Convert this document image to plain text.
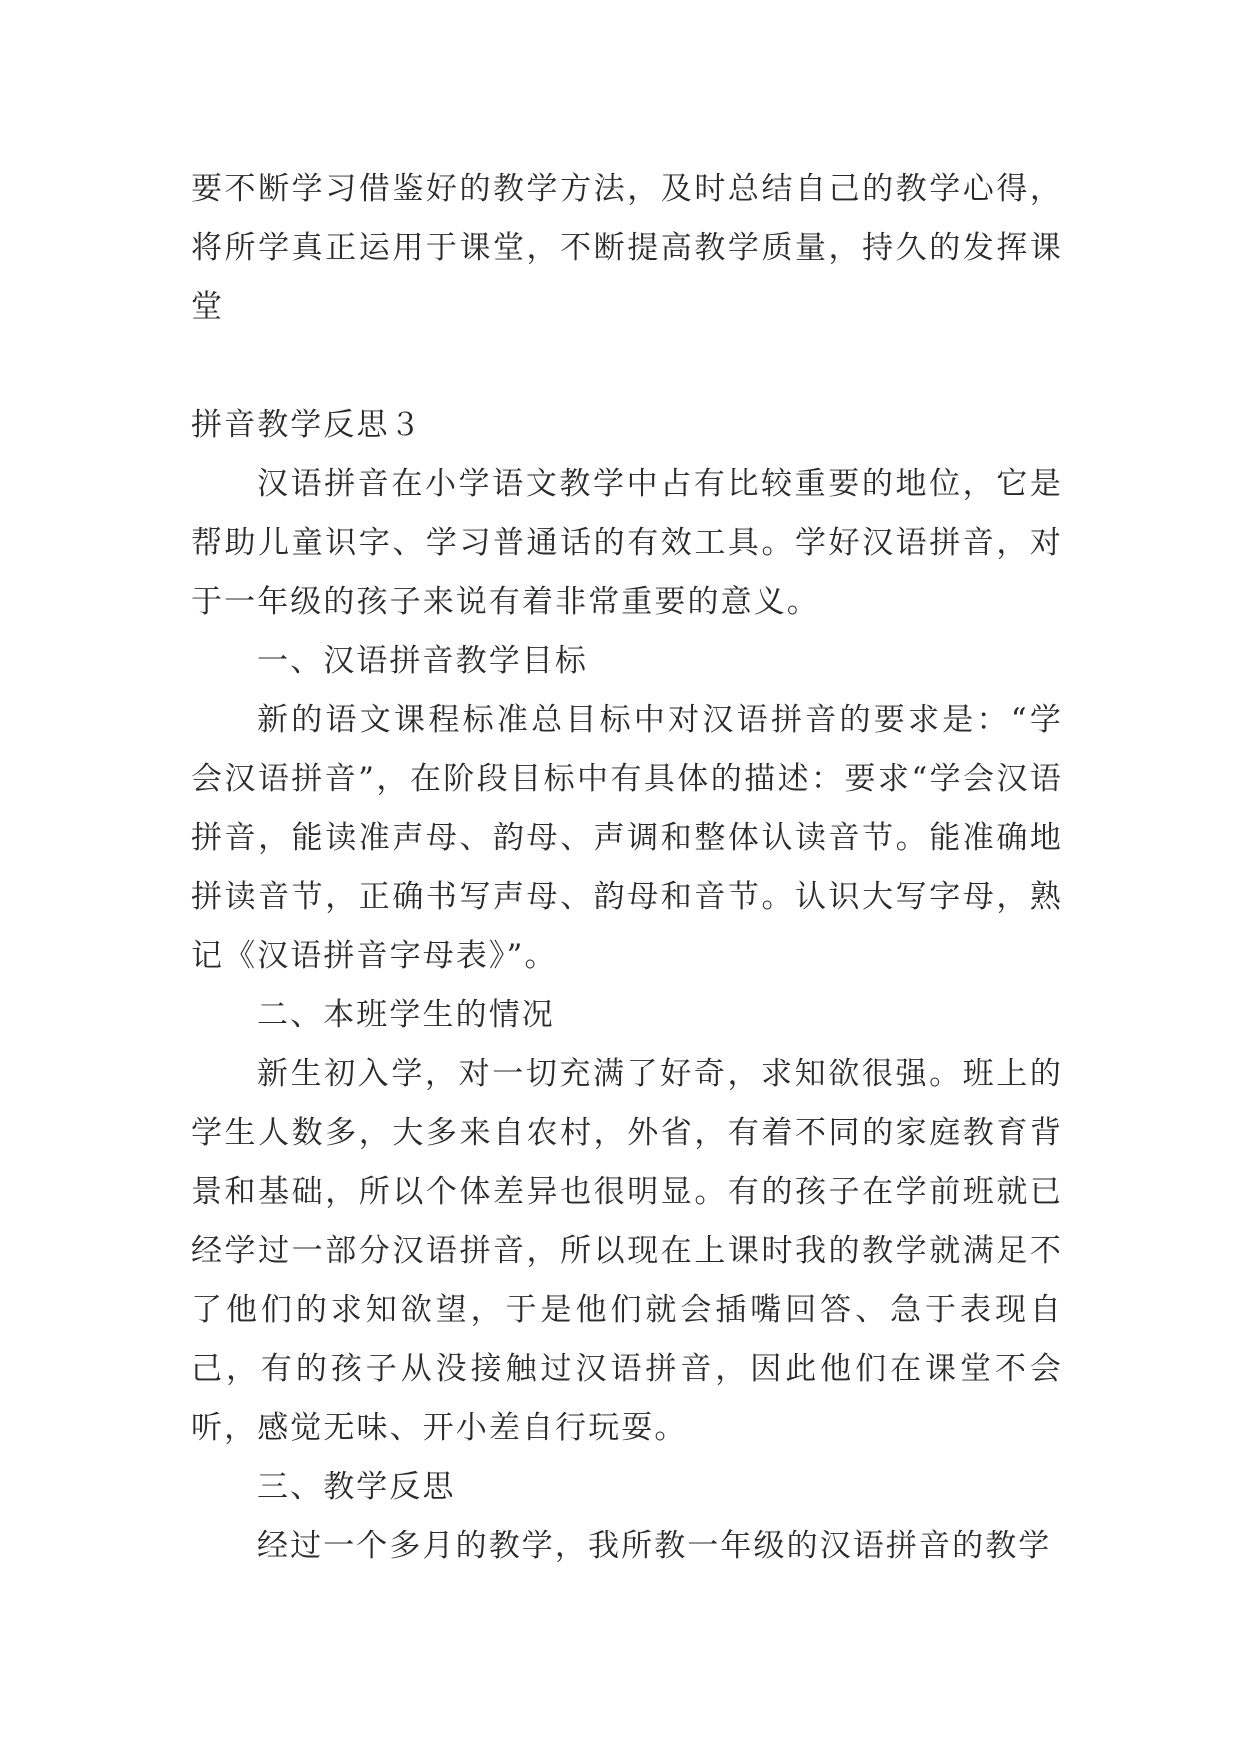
要不断学习借鉴好的教学方法，及时总结自己的教学心得，将所学真正运用于课堂，不断提高教学质量，持久的发挥课堂

拼音教学反思３

汉语拼音在小学语文教学中占有比较重要的地位，它是帮助儿童识字、学习普通话的有效工具。学好汉语拼音，对于一年级的孩子来说有着非常重要的意义。

一、汉语拼音教学目标

新的语文课程标准总目标中对汉语拼音的要求是：“学会汉语拼音”，在阶段目标中有具体的描述：要求“学会汉语拼音，能读准声母、韵母、声调和整体认读音节。能准确地拼读音节，正确书写声母、韵母和音节。认识大写字母，熟记《汉语拼音字母表》”。

二、本班学生的情况

新生初入学，对一切充满了好奇，求知欲很强。班上的学生人数多，大多来自农村，外省，有着不同的家庭教育背景和基础，所以个体差异也很明显。有的孩子在学前班就已经学过一部分汉语拼音，所以现在上课时我的教学就满足不了他们的求知欲望，于是他们就会插嘴回答、急于表现自己，有的孩子从没接触过汉语拼音，因此他们在课堂不会听，感觉无味、开小差自行玩耍。

三、教学反思

经过一个多月的教学，我所教一年级的汉语拼音的教学
